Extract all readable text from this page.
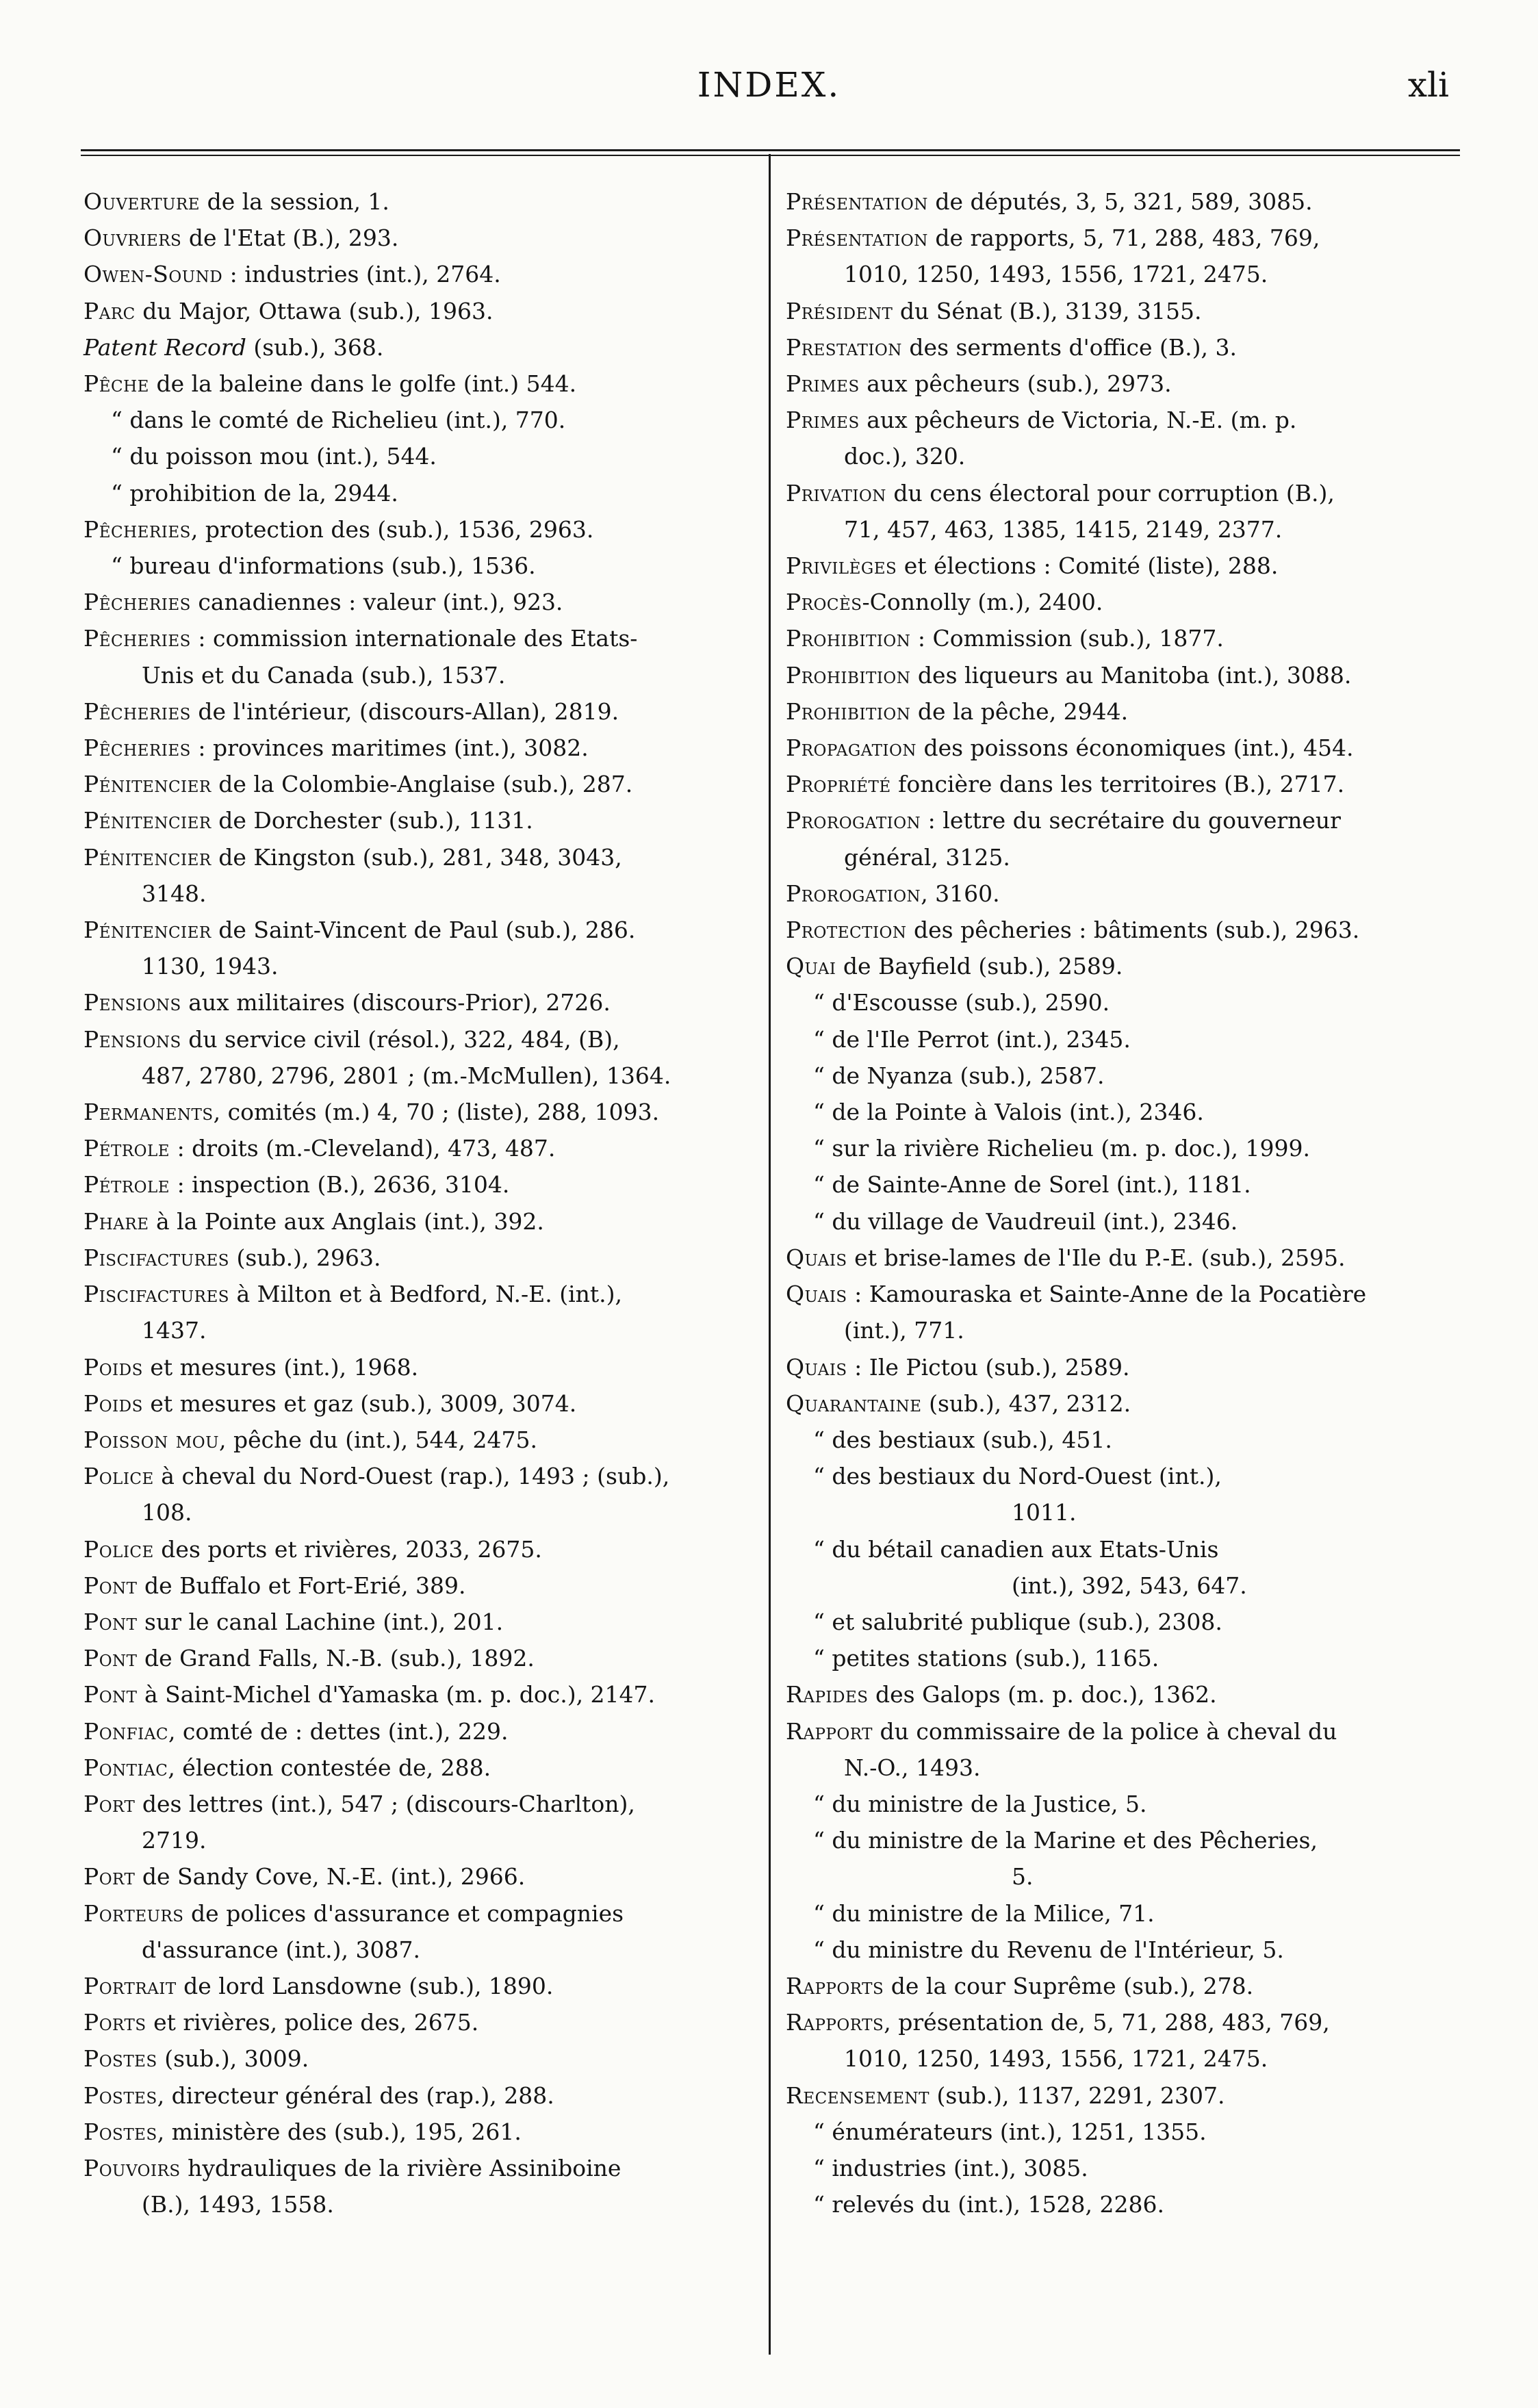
INDEX.	xli
Ouverture de la session, 1.
Ouvriers de l'Etat (B.), 293.
Owen-Sound : industries (int.), 2764.
Parc du Major, Ottawa (sub.), 1963.
Patent Record (sub.), 368.
Pêche de la baleine dans le golfe (int.) 544.
“ dans le comté de Richelieu (int.), 770.
“ du poisson mou (int.), 544.
“ prohibition de la, 2944.
Pêcheries, protection des (sub.), 1536, 2963.
“ bureau d'informations (sub.), 1536.
Pêcheries canadiennes : valeur (int.), 923.
Pêcheries : commission internationale des Etats-
Unis et du Canada (sub.), 1537.
Pêcheries de l'intérieur, (discours-Allan), 2819.
Pêcheries : provinces maritimes (int.), 3082.
Pénitencier de la Colombie-Anglaise (sub.), 287.
Pénitencier de Dorchester (sub.), 1131.
Pénitencier de Kingston (sub.), 281, 348, 3043,
3148.
Pénitencier de Saint-Vincent de Paul (sub.), 286.
1130, 1943.
Pensions aux militaires (discours-Prior), 2726.
Pensions du service civil (résol.), 322, 484, (B),
487, 2780, 2796, 2801 ; (m.-McMullen), 1364.
Permanents, comités (m.) 4, 70 ; (liste), 288, 1093.
Pétrole : droits (m.-Cleveland), 473, 487.
Pétrole : inspection (B.), 2636, 3104.
Phare à la Pointe aux Anglais (int.), 392.
Piscifactures (sub.), 2963.
Piscifactures à Milton et à Bedford, N.-E. (int.),
1437.
Poids et mesures (int.), 1968.
Poids et mesures et gaz (sub.), 3009, 3074.
Poisson mou, pêche du (int.), 544, 2475.
Police à cheval du Nord-Ouest (rap.), 1493 ; (sub.),
108.
Police des ports et rivières, 2033, 2675.
Pont de Buffalo et Fort-Erié, 389.
Pont sur le canal Lachine (int.), 201.
Pont de Grand Falls, N.-B. (sub.), 1892.
Pont à Saint-Michel d'Yamaska (m. p. doc.), 2147.
Ponfiac, comté de : dettes (int.), 229.
Pontiac, élection contestée de, 288.
Port des lettres (int.), 547 ; (discours-Charlton),
2719.
Port de Sandy Cove, N.-E. (int.), 2966.
Porteurs de polices d'assurance et compagnies
d'assurance (int.), 3087.
Portrait de lord Lansdowne (sub.), 1890.
Ports et rivières, police des, 2675.
Postes (sub.), 3009.
Postes, directeur général des (rap.), 288.
Postes, ministère des (sub.), 195, 261.
Pouvoirs hydrauliques de la rivière Assiniboine
(B.), 1493, 1558.
Présentation de députés, 3, 5, 321, 589, 3085.
Présentation de rapports, 5, 71, 288, 483, 769,
1010, 1250, 1493, 1556, 1721, 2475.
Président du Sénat (B.), 3139, 3155.
Prestation des serments d'office (B.), 3.
Primes aux pêcheurs (sub.), 2973.
Primes aux pêcheurs de Victoria, N.-E. (m. p.
doc.), 320.
Privation du cens électoral pour corruption (B.),
71, 457, 463, 1385, 1415, 2149, 2377.
Privilèges et élections : Comité (liste), 288.
Procès-Connolly (m.), 2400.
Prohibition : Commission (sub.), 1877.
Prohibition des liqueurs au Manitoba (int.), 3088.
Prohibition de la pêche, 2944.
Propagation des poissons économiques (int.), 454.
Propriété foncière dans les territoires (B.), 2717.
Prorogation : lettre du secrétaire du gouverneur
général, 3125.
Prorogation, 3160.
Protection des pêcheries : bâtiments (sub.), 2963.
Quai de Bayfield (sub.), 2589.
“ d'Escousse (sub.), 2590.
“ de l'Ile Perrot (int.), 2345.
“ de Nyanza (sub.), 2587.
“ de la Pointe à Valois (int.), 2346.
“ sur la rivière Richelieu (m. p. doc.), 1999.
“ de Sainte-Anne de Sorel (int.), 1181.
“ du village de Vaudreuil (int.), 2346.
Quais et brise-lames de l'Ile du P.-E. (sub.), 2595.
Quais : Kamouraska et Sainte-Anne de la Pocatière
(int.), 771.
Quais : Ile Pictou (sub.), 2589.
Quarantaine (sub.), 437, 2312.
“ des bestiaux (sub.), 451.
“ des bestiaux du Nord-Ouest (int.),
1011.
“ du bétail canadien aux Etats-Unis
(int.), 392, 543, 647.
“ et salubrité publique (sub.), 2308.
“ petites stations (sub.), 1165.
Rapides des Galops (m. p. doc.), 1362.
Rapport du commissaire de la police à cheval du
N.-O., 1493.
“ du ministre de la Justice, 5.
“ du ministre de la Marine et des Pêcheries,
5.
“ du ministre de la Milice, 71.
“ du ministre du Revenu de l'Intérieur, 5.
Rapports de la cour Suprême (sub.), 278.
Rapports, présentation de, 5, 71, 288, 483, 769,
1010, 1250, 1493, 1556, 1721, 2475.
Recensement (sub.), 1137, 2291, 2307.
“ énumérateurs (int.), 1251, 1355.
“ industries (int.), 3085.
“ relevés du (int.), 1528, 2286.
